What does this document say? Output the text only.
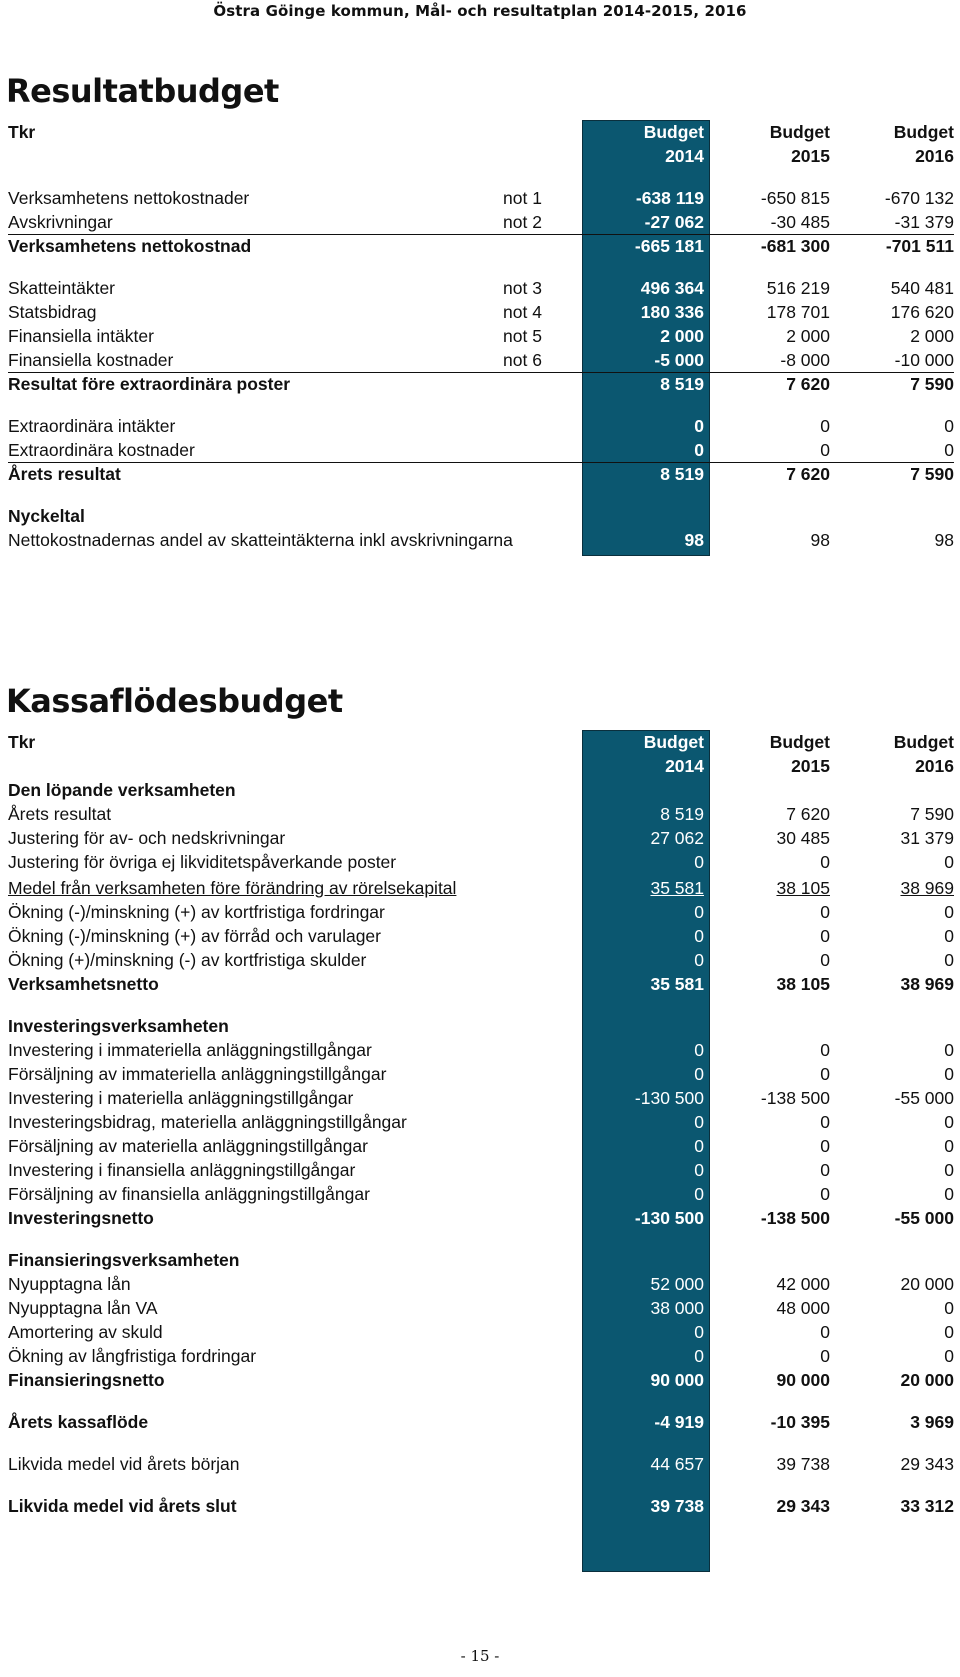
Östra Göinge kommun, Mål- och resultatplan 2014-2015, 2016
Resultatbudget
Tkr	Budget	Budget	Budget
2014	2015	2016
Verksamhetens nettokostnader	not 1	-638 119	-650 815	-670 132
Avskrivningar	not 2	-27 062	-30 485	-31 379
Verksamhetens nettokostnad	-665 181	-681 300	-701 511
Skatteintäkter	not 3	496 364	516 219	540 481
Statsbidrag	not 4	180 336	178 701	176 620
Finansiella intäkter	not 5	2 000	2 000	2 000
Finansiella kostnader	not 6	-5 000	-8 000	-10 000
Resultat före extraordinära poster	8 519	7 620	7 590
Extraordinära intäkter	0	0	0
Extraordinära kostnader	0	0	0
Årets resultat	8 519	7 620	7 590
Nyckeltal
Nettokostnadernas andel av skatteintäkterna inkl avskrivningarna	98	98	98
Kassaflödesbudget
Tkr	Budget	Budget	Budget
2014	2015	2016
Den löpande verksamheten
Årets resultat	8 519	7 620	7 590
Justering för av- och nedskrivningar	27 062	30 485	31 379
Justering för övriga ej likviditetspåverkande poster	0	0	0
Medel från verksamheten före förändring av rörelsekapital	35 581	38 105	38 969
Ökning (-)/minskning (+) av kortfristiga fordringar	0	0	0
Ökning (-)/minskning (+) av förråd och varulager	0	0	0
Ökning (+)/minskning (-) av kortfristiga skulder	0	0	0
Verksamhetsnetto	35 581	38 105	38 969
Investeringsverksamheten
Investering i immateriella anläggningstillgångar	0	0	0
Försäljning av immateriella anläggningstillgångar	0	0	0
Investering i materiella anläggningstillgångar	-130 500	-138 500	-55 000
Investeringsbidrag, materiella anläggningstillgångar	0	0	0
Försäljning av materiella anläggningstillgångar	0	0	0
Investering i finansiella anläggningstillgångar	0	0	0
Försäljning av finansiella anläggningstillgångar	0	0	0
Investeringsnetto	-130 500	-138 500	-55 000
Finansieringsverksamheten
Nyupptagna lån	52 000	42 000	20 000
Nyupptagna lån VA	38 000	48 000	0
Amortering av skuld	0	0	0
Ökning av långfristiga fordringar	0	0	0
Finansieringsnetto	90 000	90 000	20 000
Årets kassaflöde	-4 919	-10 395	3 969
Likvida medel vid årets början	44 657	39 738	29 343
Likvida medel vid årets slut	39 738	29 343	33 312
- 15 -
